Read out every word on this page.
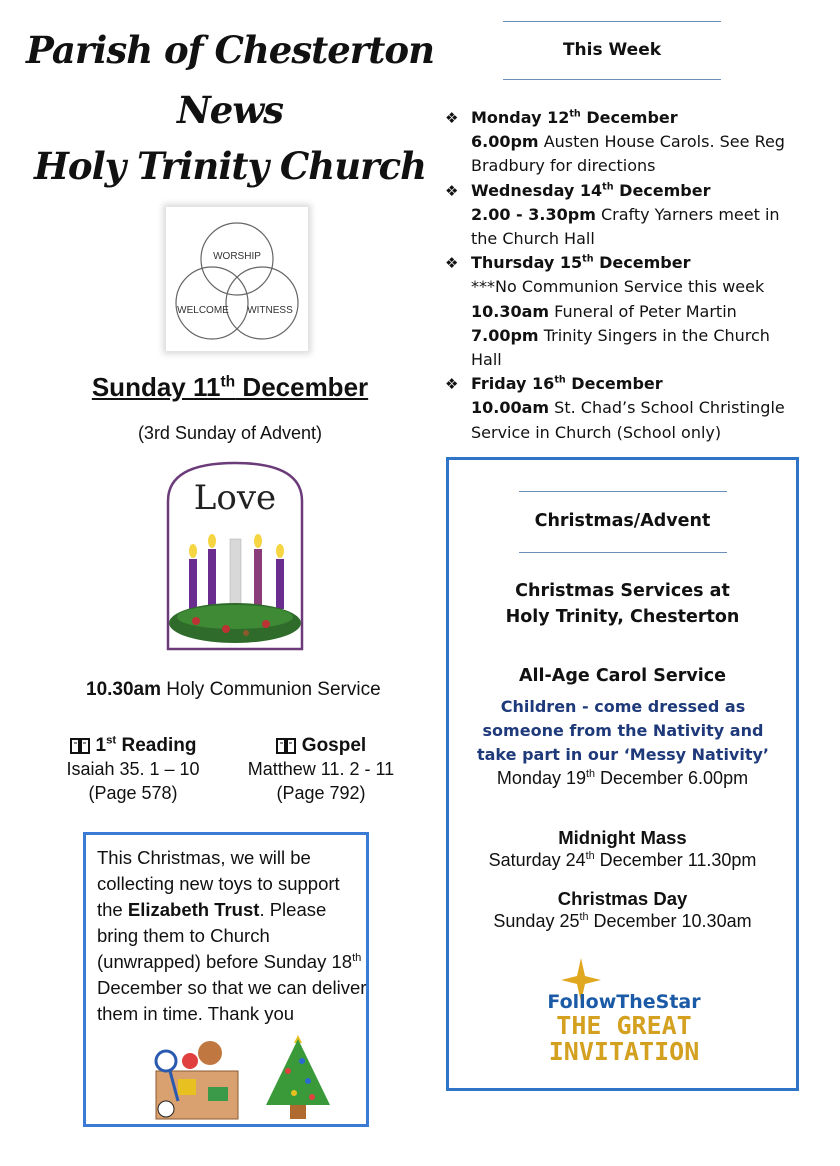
Parish of Chesterton
News
Holy Trinity Church
WORSHIP
WELCOME WITNESS
Sunday 11th December
(3rd Sunday of Advent)
Love
10.30am Holy Communion Service
1st Reading
Isaiah 35. 1 – 10
(Page 578)
Gospel
Matthew 11. 2 - 11
(Page 792)
This Christmas, we will be collecting new toys to support the Elizabeth Trust. Please bring them to Church (unwrapped) before Sunday 18th December so that we can deliver them in time. Thank you
This Week
❖ Monday 12th December
6.00pm Austen House Carols. See Reg Bradbury for directions
❖ Wednesday 14th December
2.00 - 3.30pm Crafty Yarners meet in the Church Hall
❖ Thursday 15th December
***No Communion Service this week
10.30am Funeral of Peter Martin
7.00pm Trinity Singers in the Church Hall
❖ Friday 16th December
10.00am St. Chad’s School Christingle Service in Church (School only)
Christmas/Advent
Christmas Services at
Holy Trinity, Chesterton
All-Age Carol Service
Children - come dressed as someone from the Nativity and take part in our ‘Messy Nativity’
Monday 19th December 6.00pm
Midnight Mass
Saturday 24th December 11.30pm
Christmas Day
Sunday 25th December 10.30am
FollowTheStar
THE GREAT
INVITATION
